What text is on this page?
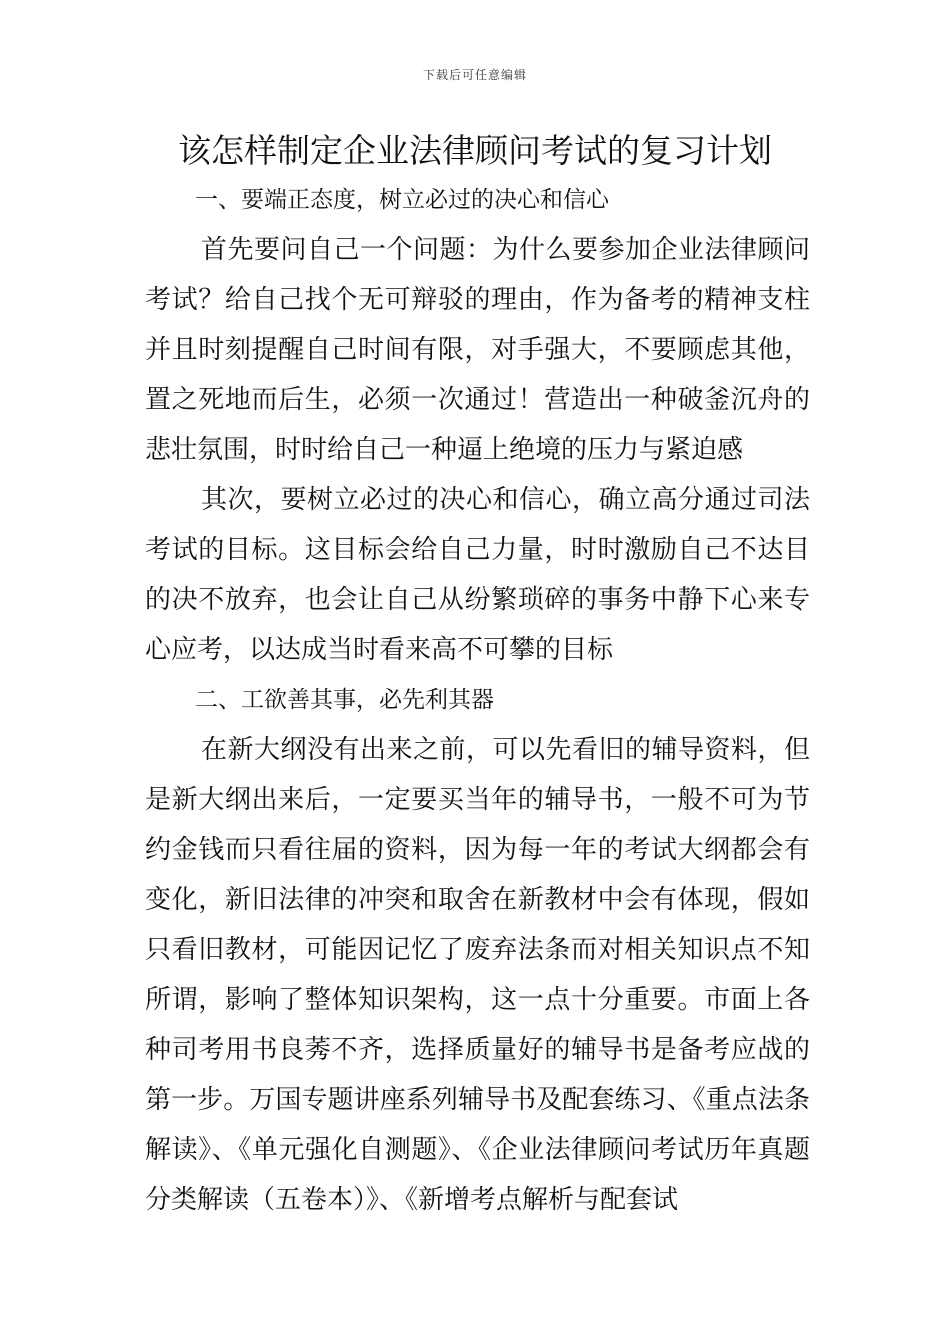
下载后可任意编辑
该怎样制定企业法律顾问考试的复习计划
一、要端正态度，树立必过的决心和信心

首先要问自己一个问题：为什么要参加企业法律顾问考试？给自己找个无可辩驳的理由，作为备考的精神支柱并且时刻提醒自己时间有限，对手强大，不要顾虑其他，置之死地而后生，必须一次通过！营造出一种破釜沉舟的悲壮氛围，时时给自己一种逼上绝境的压力与紧迫感

其次，要树立必过的决心和信心，确立高分通过司法考试的目标。这目标会给自己力量，时时激励自己不达目的决不放弃，也会让自己从纷繁琐碎的事务中静下心来专心应考，以达成当时看来高不可攀的目标

二、工欲善其事，必先利其器

在新大纲没有出来之前，可以先看旧的辅导资料，但是新大纲出来后，一定要买当年的辅导书，一般不可为节约金钱而只看往届的资料，因为每一年的考试大纲都会有变化，新旧法律的冲突和取舍在新教材中会有体现，假如只看旧教材，可能因记忆了废弃法条而对相关知识点不知所谓，影响了整体知识架构，这一点十分重要。市面上各种司考用书良莠不齐，选择质量好的辅导书是备考应战的第一步。万国专题讲座系列辅导书及配套练习、《重点法条解读》、《单元强化自测题》、《企业法律顾问考试历年真题分类解读（五卷本）》、《新增考点解析与配套试
